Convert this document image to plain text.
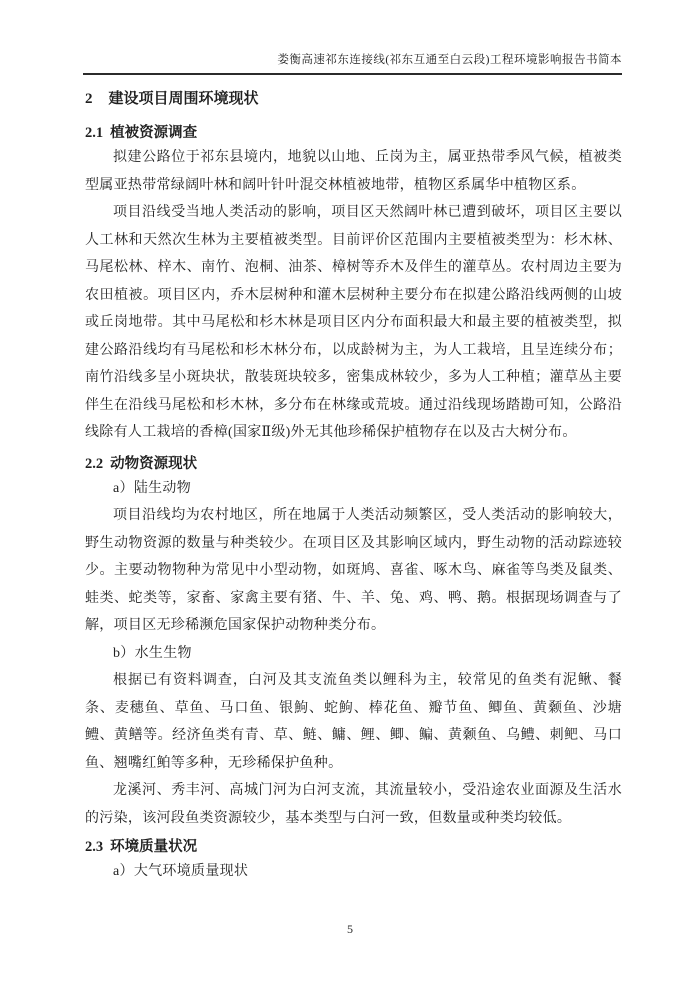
娄衡高速祁东连接线(祁东互通至白云段)工程环境影响报告书简本
2 建设项目周围环境现状
2.1 植被资源调查

拟建公路位于祁东县境内，地貌以山地、丘岗为主，属亚热带季风气候，植被类型属亚热带常绿阔叶林和阔叶针叶混交林植被地带，植物区系属华中植物区系。

项目沿线受当地人类活动的影响，项目区天然阔叶林已遭到破坏，项目区主要以人工林和天然次生林为主要植被类型。目前评价区范围内主要植被类型为：杉木林、马尾松林、梓木、南竹、泡桐、油茶、樟树等乔木及伴生的灌草丛。农村周边主要为农田植被。项目区内，乔木层树种和灌木层树种主要分布在拟建公路沿线两侧的山坡或丘岗地带。其中马尾松和杉木林是项目区内分布面积最大和最主要的植被类型，拟建公路沿线均有马尾松和杉木林分布，以成龄树为主，为人工栽培，且呈连续分布；南竹沿线多呈小斑块状，散装斑块较多，密集成林较少，多为人工种植；灌草丛主要伴生在沿线马尾松和杉木林，多分布在林缘或荒坡。通过沿线现场踏勘可知，公路沿线除有人工栽培的香樟(国家Ⅱ级)外无其他珍稀保护植物存在以及古大树分布。

2.2 动物资源现状

a）陆生动物

项目沿线均为农村地区，所在地属于人类活动频繁区，受人类活动的影响较大，野生动物资源的数量与种类较少。在项目区及其影响区域内，野生动物的活动踪迹较少。主要动物物种为常见中小型动物，如斑鸠、喜雀、啄木鸟、麻雀等鸟类及鼠类、蛙类、蛇类等，家畜、家禽主要有猪、牛、羊、兔、鸡、鸭、鹅。根据现场调查与了解，项目区无珍稀濒危国家保护动物种类分布。

b）水生生物

根据已有资料调查，白河及其支流鱼类以鲤科为主，较常见的鱼类有泥鳅、餐条、麦穗鱼、草鱼、马口鱼、银鮈、蛇鮈、棒花鱼、瓣节鱼、鲫鱼、黄颡鱼、沙塘鳢、黄鳝等。经济鱼类有青、草、鲢、鳙、鲤、鲫、鳊、黄颡鱼、乌鳢、刺鲃、马口鱼、翘嘴红鲌等多种，无珍稀保护鱼种。

龙溪河、秀丰河、高城门河为白河支流，其流量较小，受沿途农业面源及生活水的污染，该河段鱼类资源较少，基本类型与白河一致，但数量或种类均较低。

2.3 环境质量状况

a）大气环境质量现状

5
